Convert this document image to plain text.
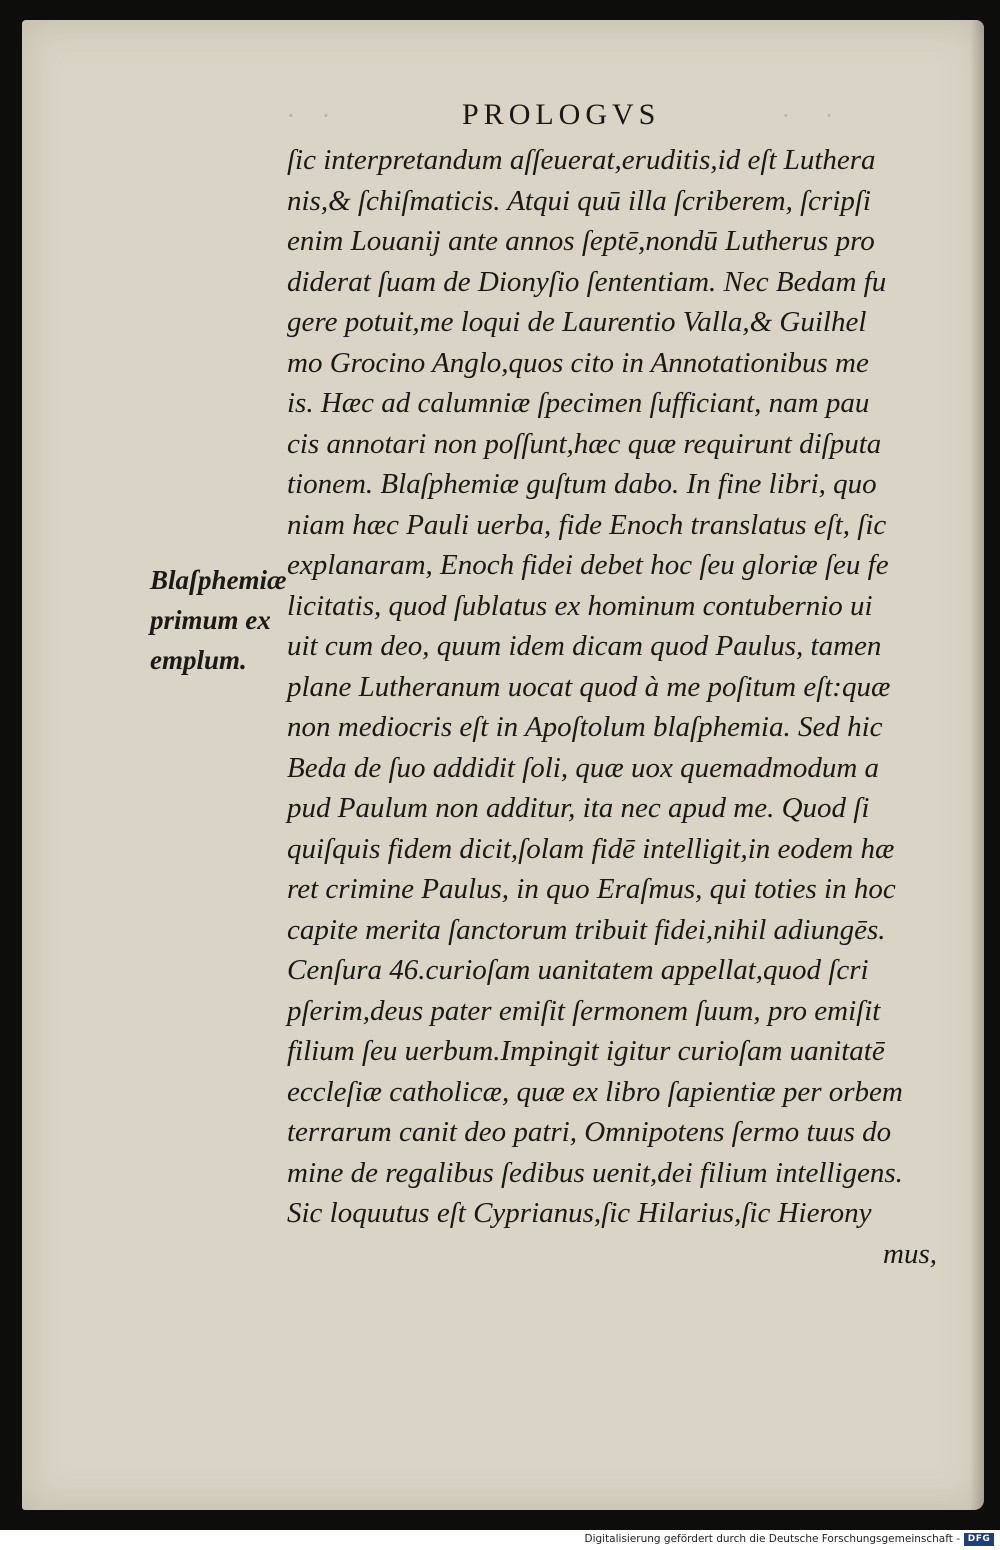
· ·	· ·
PROLOGVS
Blaſphemiæ
primum ex
emplum.
ſic interpretandum aſſeuerat,eruditis,id eſt Luthera
nis,& ſchiſmaticis. Atqui quū illa ſcriberem, ſcripſi
enim Louanij ante annos ſeptē,nondū Lutherus pro
diderat ſuam de Dionyſio ſententiam. Nec Bedam fu
gere potuit,me loqui de Laurentio Valla,& Guilhel
mo Grocino Anglo,quos cito in Annotationibus me
is. Hæc ad calumniæ ſpecimen ſufficiant, nam pau
cis annotari non poſſunt,hæc quæ requirunt diſputa
tionem. Blaſphemiæ guſtum dabo. In fine libri, quo
niam hæc Pauli uerba, fide Enoch translatus eſt, ſic
explanaram, Enoch fidei debet hoc ſeu gloriæ ſeu fe
licitatis, quod ſublatus ex hominum contubernio ui
uit cum deo, quum idem dicam quod Paulus, tamen
plane Lutheranum uocat quod à me poſitum eſt:quæ
non mediocris eſt in Apoſtolum blaſphemia. Sed hic
Beda de ſuo addidit ſoli, quæ uox quemadmodum a
pud Paulum non additur, ita nec apud me. Quod ſi
quiſquis fidem dicit,ſolam fidē intelligit,in eodem hæ
ret crimine Paulus, in quo Eraſmus, qui toties in hoc
capite merita ſanctorum tribuit fidei,nihil adiungēs.
Cenſura 46.curioſam uanitatem appellat,quod ſcri
pſerim,deus pater emiſit ſermonem ſuum, pro emiſit
filium ſeu uerbum.Impingit igitur curioſam uanitatē
eccleſiæ catholicæ, quæ ex libro ſapientiæ per orbem
terrarum canit deo patri, Omnipotens ſermo tuus do
mine de regalibus ſedibus uenit,dei filium intelligens.
Sic loquutus eſt Cyprianus,ſic Hilarius,ſic Hierony
mus,
Digitalisierung gefördert durch die Deutsche Forschungsgemeinschaft - DFG
